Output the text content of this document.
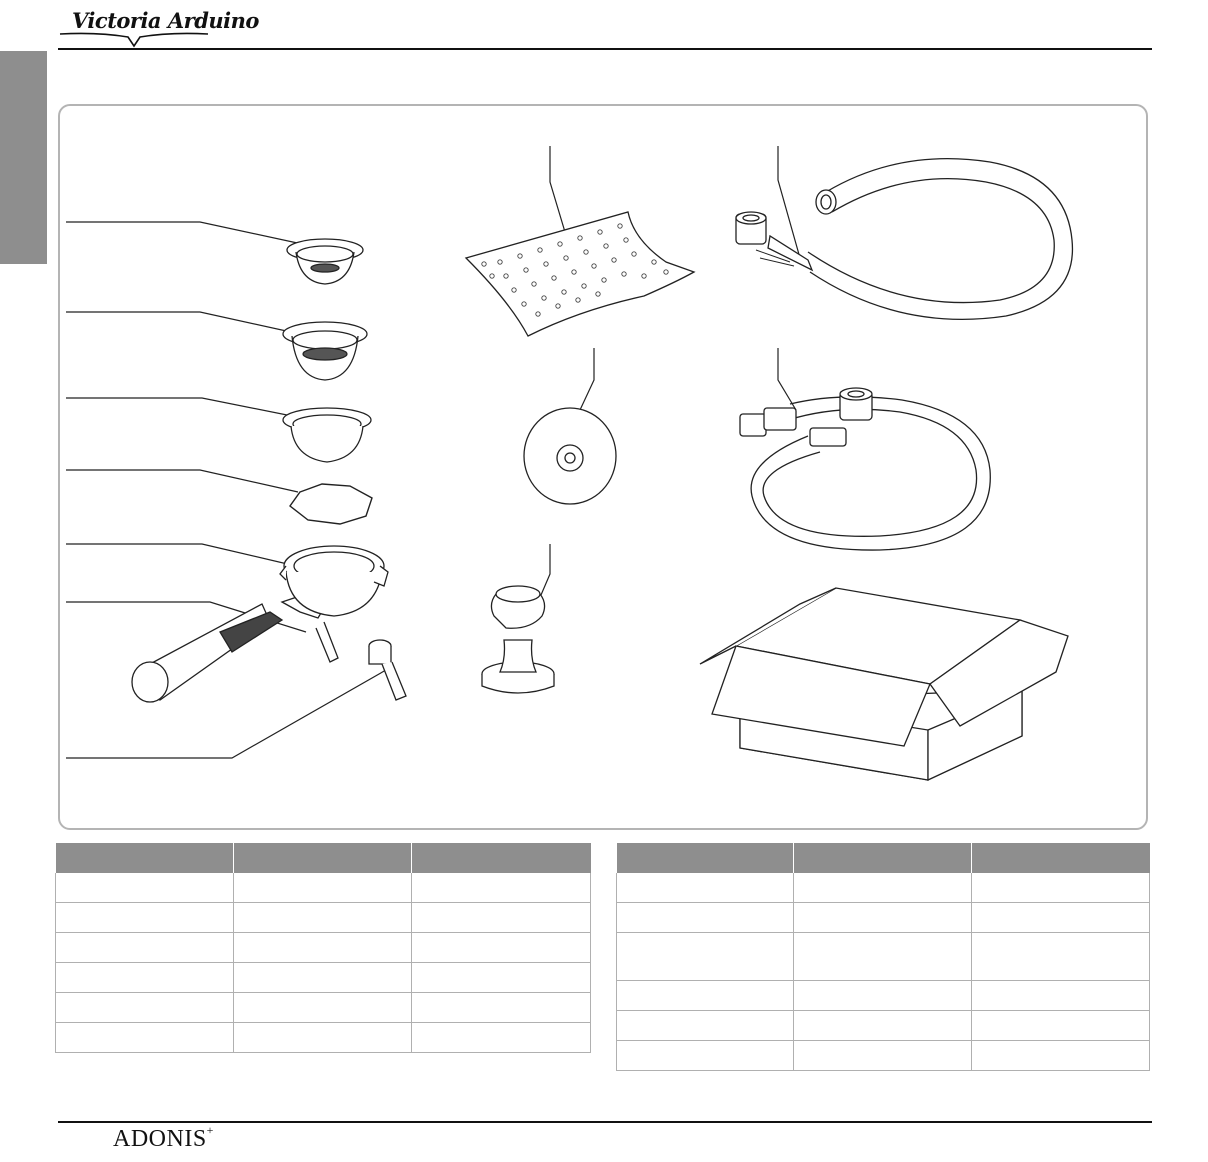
Victoria Arduino

ADONIS+
